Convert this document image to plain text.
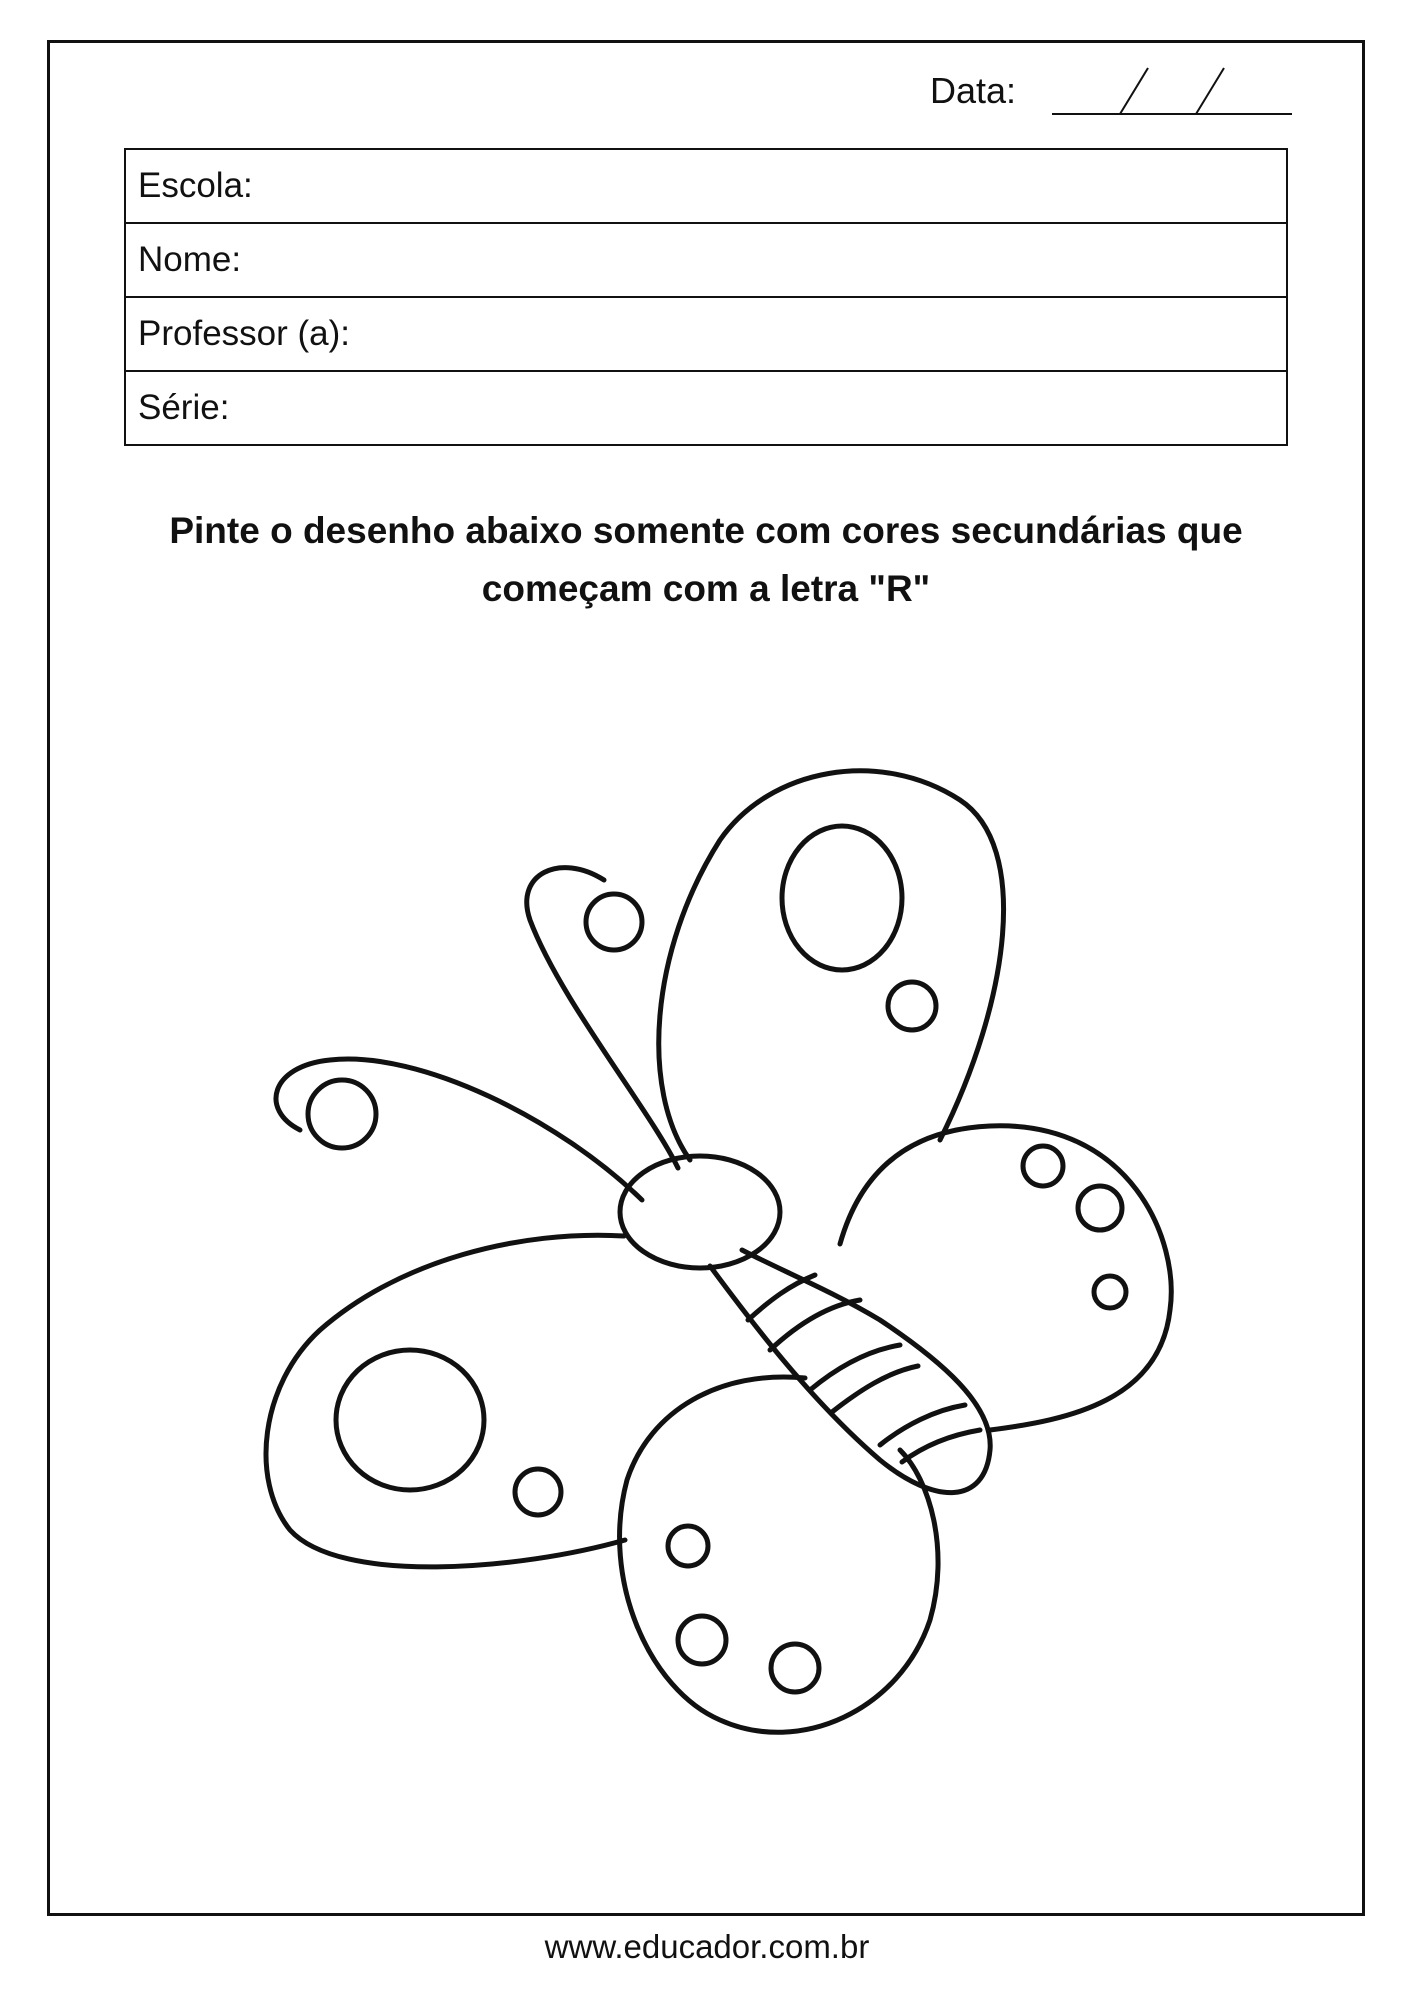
Data:
Escola:
Nome:
Professor (a):
Série:
Pinte o desenho abaixo somente com cores secundárias que começam com a letra "R"
www.educador.com.br
